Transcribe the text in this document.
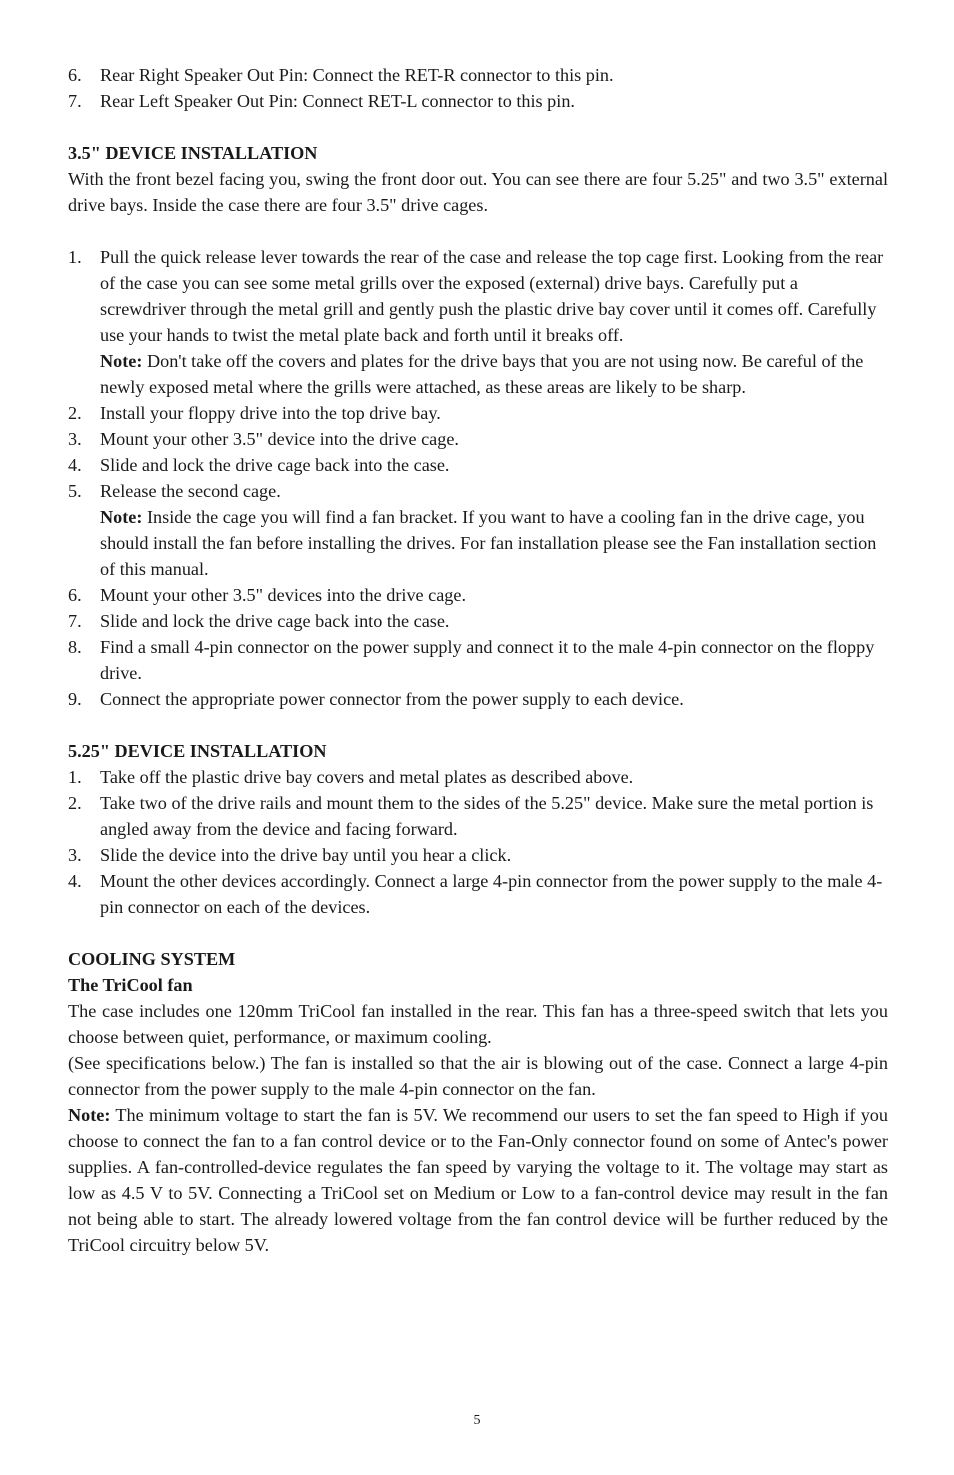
6. Rear Right Speaker Out Pin: Connect the RET-R connector to this pin.
7. Rear Left Speaker Out Pin: Connect RET-L connector to this pin.

3.5" DEVICE INSTALLATION

With the front bezel facing you, swing the front door out. You can see there are four 5.25" and two 3.5" external drive bays. Inside the case there are four 3.5" drive cages.

1. Pull the quick release lever towards the rear of the case and release the top cage first. Looking from the rear of the case you can see some metal grills over the exposed (external) drive bays. Carefully put a screwdriver through the metal grill and gently push the plastic drive bay cover until it comes off. Carefully use your hands to twist the metal plate back and forth until it breaks off.
Note: Don't take off the covers and plates for the drive bays that you are not using now. Be careful of the newly exposed metal where the grills were attached, as these areas are likely to be sharp.
2. Install your floppy drive into the top drive bay.
3. Mount your other 3.5" device into the drive cage.
4. Slide and lock the drive cage back into the case.
5. Release the second cage.
Note: Inside the cage you will find a fan bracket. If you want to have a cooling fan in the drive cage, you should install the fan before installing the drives. For fan installation please see the Fan installation section of this manual.
6. Mount your other 3.5" devices into the drive cage.
7. Slide and lock the drive cage back into the case.
8. Find a small 4-pin connector on the power supply and connect it to the male 4-pin connector on the floppy drive.
9. Connect the appropriate power connector from the power supply to each device.

5.25" DEVICE INSTALLATION

1. Take off the plastic drive bay covers and metal plates as described above.
2. Take two of the drive rails and mount them to the sides of the 5.25" device. Make sure the metal portion is angled away from the device and facing forward.
3. Slide the device into the drive bay until you hear a click.
4. Mount the other devices accordingly. Connect a large 4-pin connector from the power supply to the male 4-pin connector on each of the devices.

COOLING SYSTEM

The TriCool fan

The case includes one 120mm TriCool fan installed in the rear. This fan has a three-speed switch that lets you choose between quiet, performance, or maximum cooling.

(See specifications below.) The fan is installed so that the air is blowing out of the case. Connect a large 4-pin connector from the power supply to the male 4-pin connector on the fan.

Note: The minimum voltage to start the fan is 5V. We recommend our users to set the fan speed to High if you choose to connect the fan to a fan control device or to the Fan-Only connector found on some of Antec's power supplies. A fan-controlled-device regulates the fan speed by varying the voltage to it. The voltage may start as low as 4.5 V to 5V. Connecting a TriCool set on Medium or Low to a fan-control device may result in the fan not being able to start. The already lowered voltage from the fan control device will be further reduced by the TriCool circuitry below 5V.

5
